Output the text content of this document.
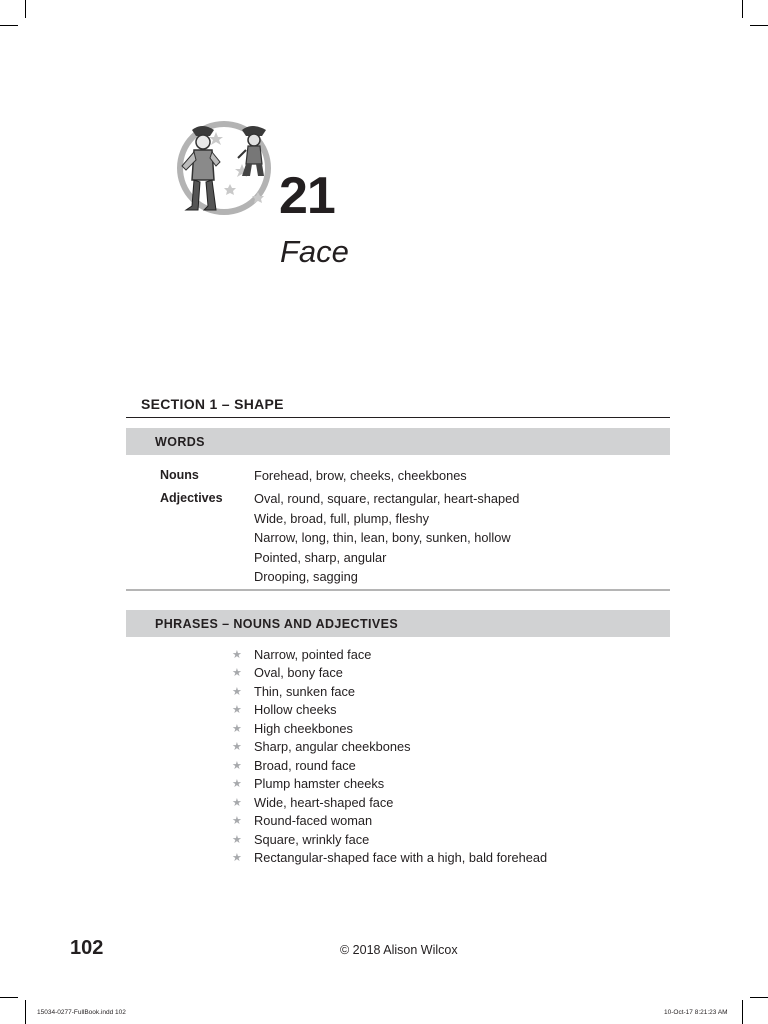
21
Face
SECTION 1 – SHAPE
WORDS
Nouns	Forehead, brow, cheeks, cheekbones
Adjectives Oval, round, square, rectangular, heart-shaped
Wide, broad, full, plump, fleshy
Narrow, long, thin, lean, bony, sunken, hollow
Pointed, sharp, angular
Drooping, sagging
PHRASES – NOUNS AND ADJECTIVES
★ Narrow, pointed face
★ Oval, bony face
★ Thin, sunken face
★ Hollow cheeks
★ High cheekbones
★ Sharp, angular cheekbones
★ Broad, round face
★ Plump hamster cheeks
★ Wide, heart-shaped face
★ Round-faced woman
★ Square, wrinkly face
★ Rectangular-shaped face with a high, bald forehead
102	© 2018 Alison Wilcox
15034-0277-FullBook.indd 102	10-Oct-17 8:21:23 AM
